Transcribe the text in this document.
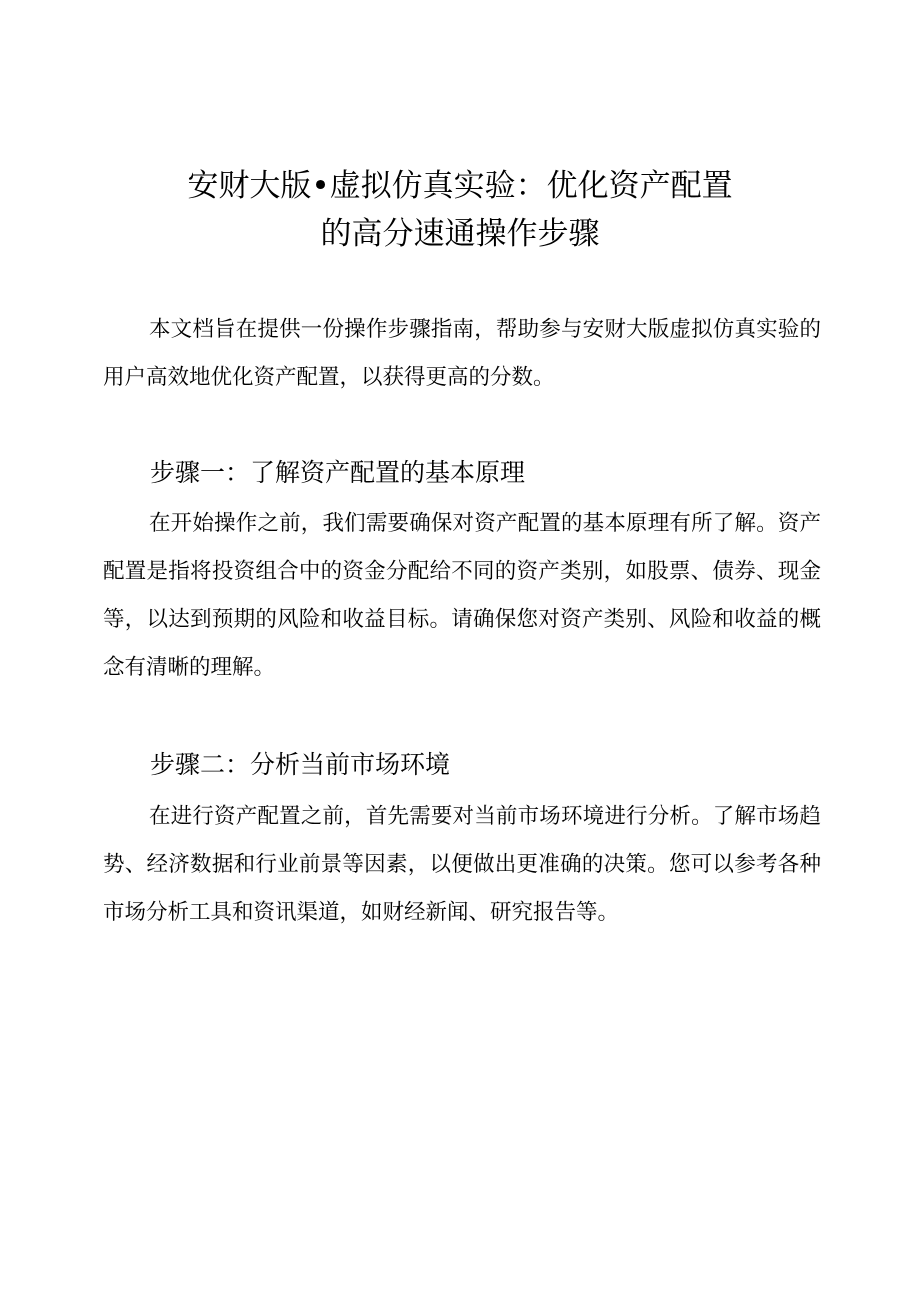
安财大版•虚拟仿真实验：优化资产配置
的高分速通操作步骤

本文档旨在提供一份操作步骤指南，帮助参与安财大版虚拟仿真实验的用户高效地优化资产配置，以获得更高的分数。

步骤一：了解资产配置的基本原理

在开始操作之前，我们需要确保对资产配置的基本原理有所了解。资产配置是指将投资组合中的资金分配给不同的资产类别，如股票、债券、现金等，以达到预期的风险和收益目标。请确保您对资产类别、风险和收益的概念有清晰的理解。

步骤二：分析当前市场环境

在进行资产配置之前，首先需要对当前市场环境进行分析。了解市场趋势、经济数据和行业前景等因素，以便做出更准确的决策。您可以参考各种市场分析工具和资讯渠道，如财经新闻、研究报告等。
